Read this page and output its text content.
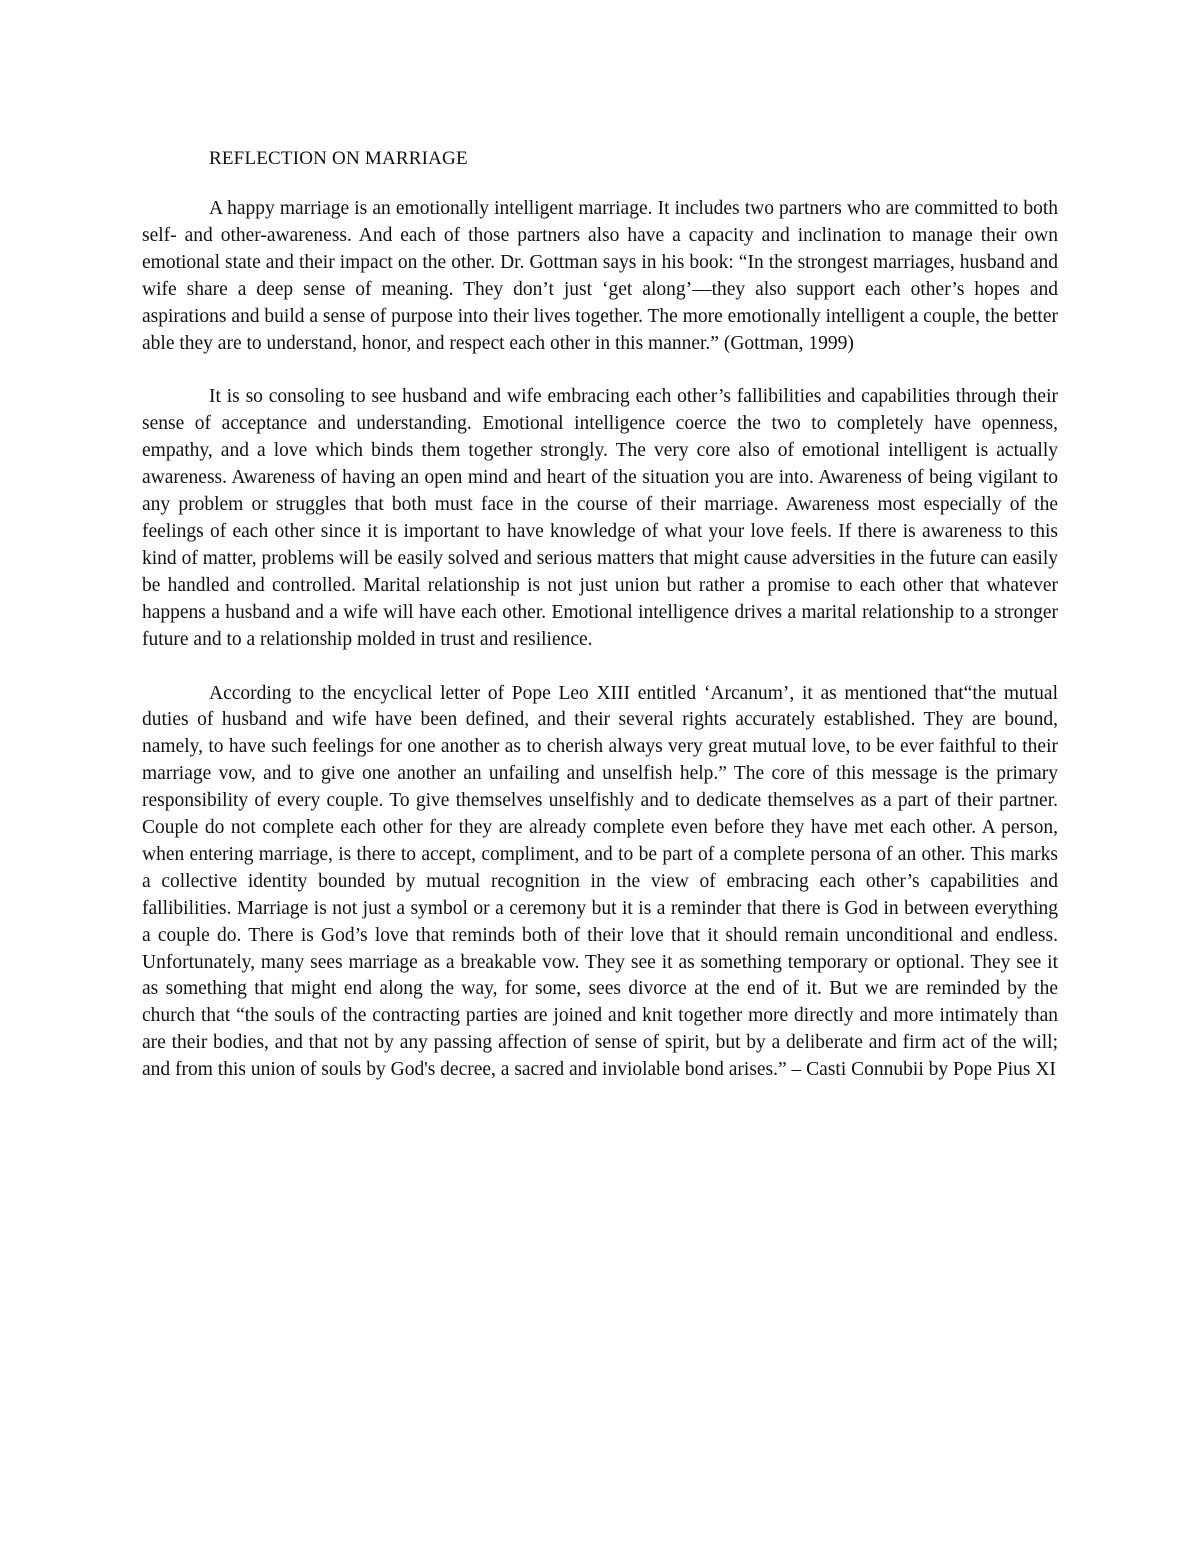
REFLECTION ON MARRIAGE

A happy marriage is an emotionally intelligent marriage. It includes two partners who are committed to both self- and other-awareness. And each of those partners also have a capacity and inclination to manage their own emotional state and their impact on the other. Dr. Gottman says in his book: “In the strongest marriages, husband and wife share a deep sense of meaning. They don’t just ‘get along’—they also support each other’s hopes and aspirations and build a sense of purpose into their lives together. The more emotionally intelligent a couple, the better able they are to understand, honor, and respect each other in this manner.” (Gottman, 1999)

It is so consoling to see husband and wife embracing each other’s fallibilities and capabilities through their sense of acceptance and understanding. Emotional intelligence coerce the two to completely have openness, empathy, and a love which binds them together strongly. The very core also of emotional intelligent is actually awareness. Awareness of having an open mind and heart of the situation you are into. Awareness of being vigilant to any problem or struggles that both must face in the course of their marriage. Awareness most especially of the feelings of each other since it is important to have knowledge of what your love feels. If there is awareness to this kind of matter, problems will be easily solved and serious matters that might cause adversities in the future can easily be handled and controlled. Marital relationship is not just union but rather a promise to each other that whatever happens a husband and a wife will have each other. Emotional intelligence drives a marital relationship to a stronger future and to a relationship molded in trust and resilience.

According to the encyclical letter of Pope Leo XIII entitled ‘Arcanum’, it as mentioned that“the mutual duties of husband and wife have been defined, and their several rights accurately established. They are bound, namely, to have such feelings for one another as to cherish always very great mutual love, to be ever faithful to their marriage vow, and to give one another an unfailing and unselfish help.” The core of this message is the primary responsibility of every couple. To give themselves unselfishly and to dedicate themselves as a part of their partner. Couple do not complete each other for they are already complete even before they have met each other. A person, when entering marriage, is there to accept, compliment, and to be part of a complete persona of an other. This marks a collective identity bounded by mutual recognition in the view of embracing each other’s capabilities and fallibilities. Marriage is not just a symbol or a ceremony but it is a reminder that there is God in between everything a couple do. There is God’s love that reminds both of their love that it should remain unconditional and endless. Unfortunately, many sees marriage as a breakable vow. They see it as something temporary or optional. They see it as something that might end along the way, for some, sees divorce at the end of it. But we are reminded by the church that “the souls of the contracting parties are joined and knit together more directly and more intimately than are their bodies, and that not by any passing affection of sense of spirit, but by a deliberate and firm act of the will; and from this union of souls by God's decree, a sacred and inviolable bond arises.” – Casti Connubii by Pope Pius XI
